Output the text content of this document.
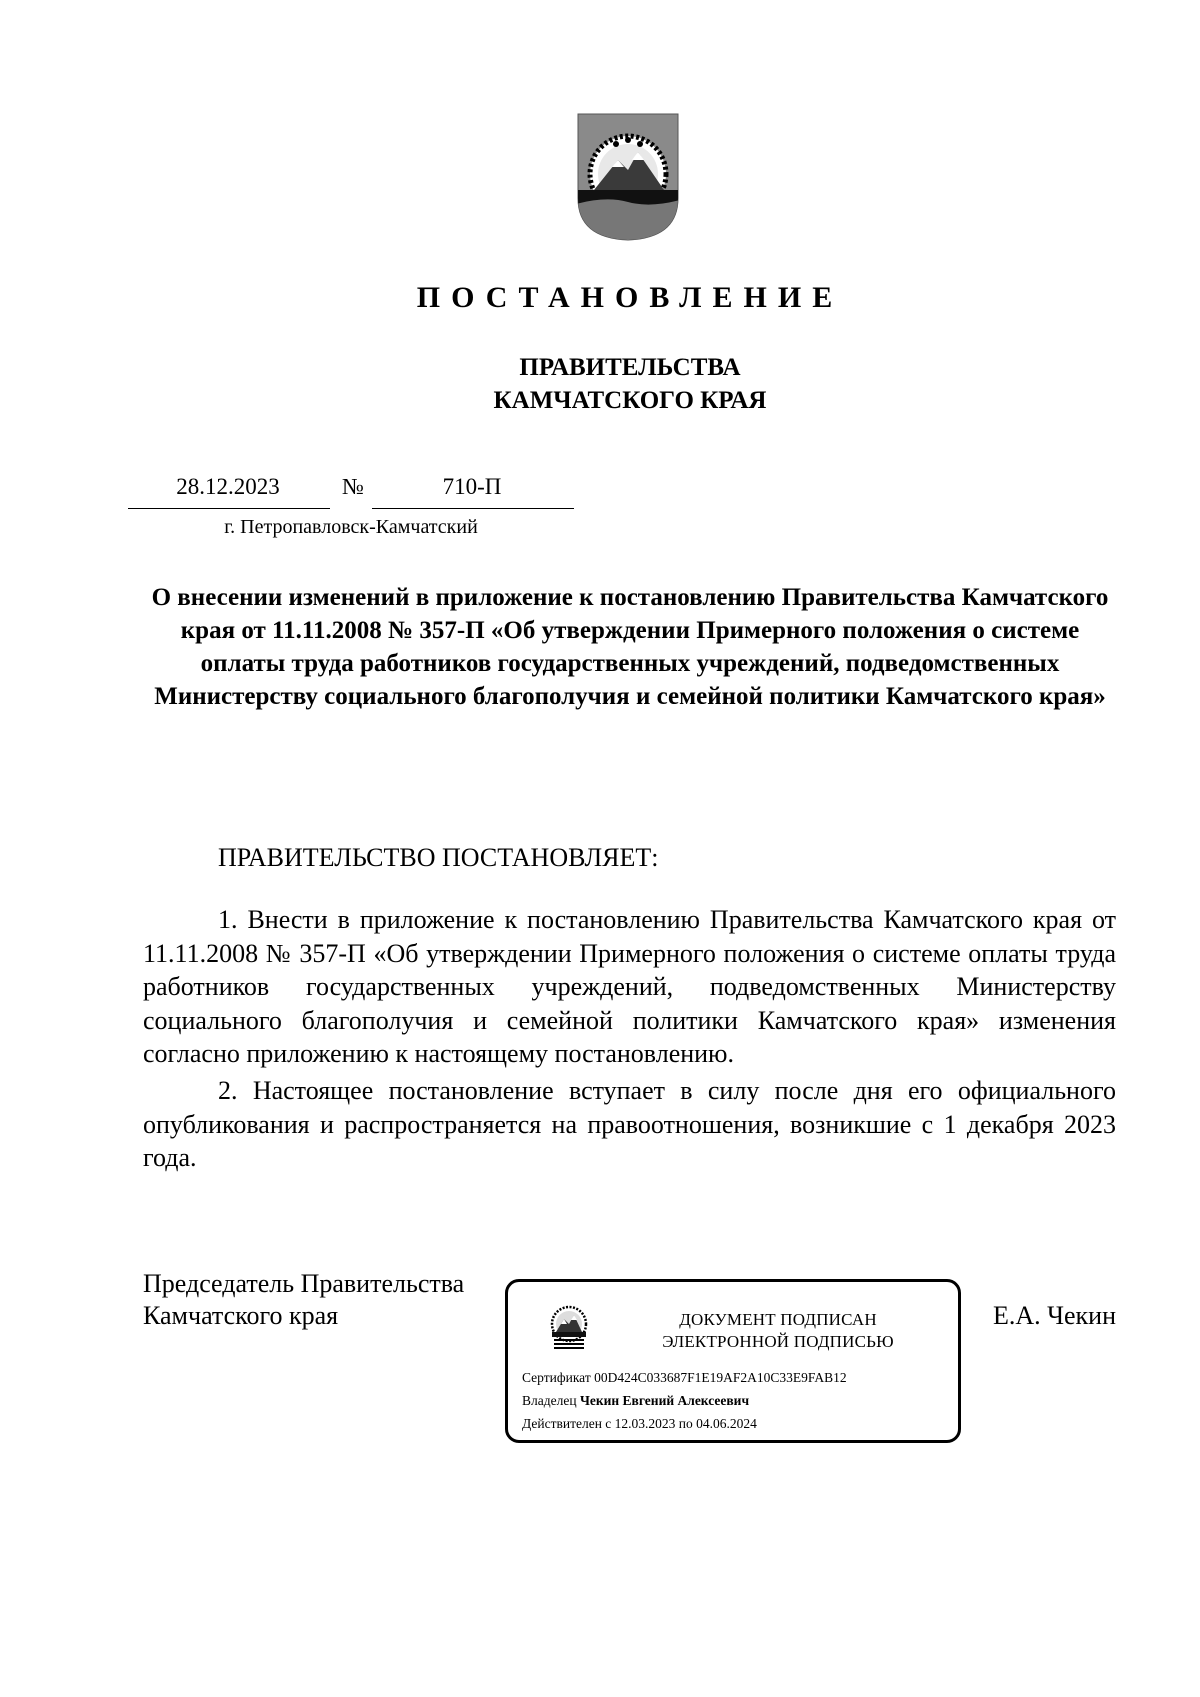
ПОСТАНОВЛЕНИЕ
ПРАВИТЕЛЬСТВА
КАМЧАТСКОГО КРАЯ
28.12.2023	№	710-П
г. Петропавловск-Камчатский
О внесении изменений в приложение к постановлению Правительства Камчатского края от 11.11.2008 № 357-П «Об утверждении Примерного положения о системе оплаты труда работников государственных учреждений, подведомственных Министерству социального благополучия и семейной политики Камчатского края»
ПРАВИТЕЛЬСТВО ПОСТАНОВЛЯЕТ:
1. Внести в приложение к постановлению Правительства Камчатского края от 11.11.2008 № 357-П «Об утверждении Примерного положения о системе оплаты труда работников государственных учреждений, подведомственных Министерству социального благополучия и семейной политики Камчатского края» изменения согласно приложению к настоящему постановлению.
2. Настоящее постановление вступает в силу после дня его официального опубликования и распространяется на правоотношения, возникшие с 1 декабря 2023 года.
Председатель Правительства
Камчатского края	ДОКУМЕНТ ПОДПИСАН
ЭЛЕКТРОННОЙ ПОДПИСЬЮ
Сертификат 00D424C033687F1E19AF2A10C33E9FAB12
Владелец Чекин Евгений Алексеевич
Действителен с 12.03.2023 по 04.06.2024
Е.А. Чекин
